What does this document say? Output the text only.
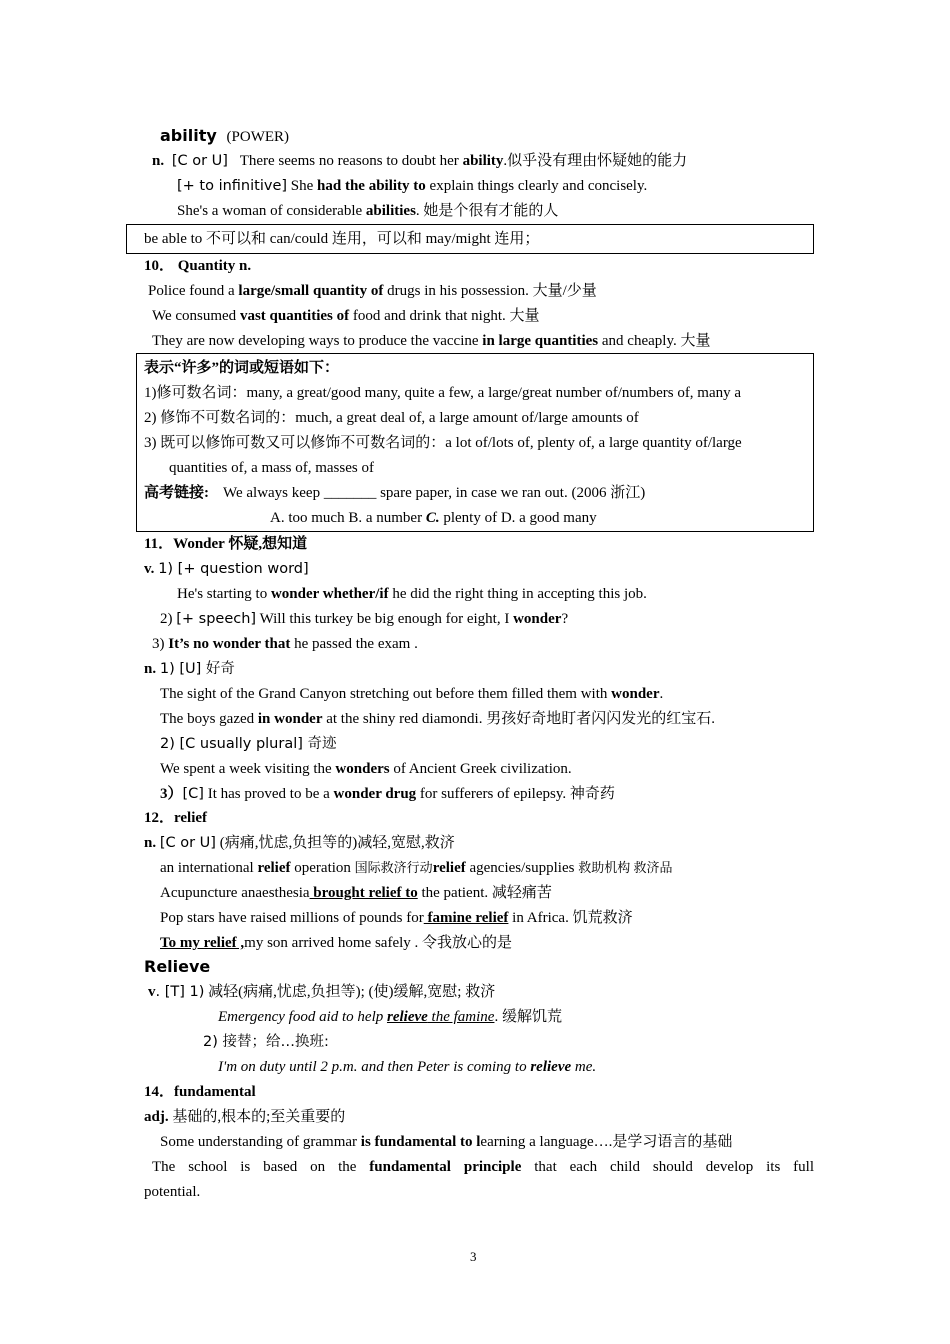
ability (POWER)
n. [C or U] There seems no reasons to doubt her ability.似乎没有理由怀疑她的能力
[+ to infinitive] She had the ability to explain things clearly and concisely.
She's a woman of considerable abilities. 她是个很有才能的人
be able to 不可以和 can/could 连用，可以和 may/might 连用；
10． Quantity n.
Police found a large/small quantity of drugs in his possession. 大量/少量
We consumed vast quantities of food and drink that night. 大量
They are now developing ways to produce the vaccine in large quantities and cheaply. 大量
表示“许多”的词或短语如下：
1)修可数名词：many, a great/good many, quite a few, a large/great number of/numbers of, many a
2) 修饰不可数名词的：much, a great deal of, a large amount of/large amounts of
3) 既可以修饰可数又可以修饰不可数名词的：a lot of/lots of, plenty of, a large quantity of/large
quantities of, a mass of, masses of
高考链接: We always keep _______ spare paper, in case we ran out. (2006 浙江)
A. too much B. a number C. plenty of D. a good many
11．Wonder 怀疑,想知道
v. 1) [+ question word]
He's starting to wonder whether/if he did the right thing in accepting this job.
2) [+ speech] Will this turkey be big enough for eight, I wonder?
3) It’s no wonder that he passed the exam .
n. 1) [U] 好奇
The sight of the Grand Canyon stretching out before them filled them with wonder.
The boys gazed in wonder at the shiny red diamondi. 男孩好奇地盯者闪闪发光的红宝石.
2) [C usually plural] 奇迹
We spent a week visiting the wonders of Ancient Greek civilization.
3）[C] It has proved to be a wonder drug for sufferers of epilepsy. 神奇药
12．relief
n. [C or U] (病痛,忧虑,负担等的)减轻,宽慰,救济
an international relief operation 国际救济行动relief agencies/supplies 救助机构 救济品
Acupuncture anaesthesia brought relief to the patient. 减轻痛苦
Pop stars have raised millions of pounds for famine relief in Africa. 饥荒救济
To my relief ,my son arrived home safely . 令我放心的是
Relieve
v. [T] 1) 减轻(病痛,忧虑,负担等); (使)缓解,宽慰; 救济
Emergency food aid to help relieve the famine. 缓解饥荒
2) 接替；给…换班:
I'm on duty until 2 p.m. and then Peter is coming to relieve me.
14．fundamental
adj. 基础的,根本的;至关重要的
Some understanding of grammar is fundamental to learning a language….是学习语言的基础
The school is based on the fundamental principle that each child should develop its full
potential.
3
